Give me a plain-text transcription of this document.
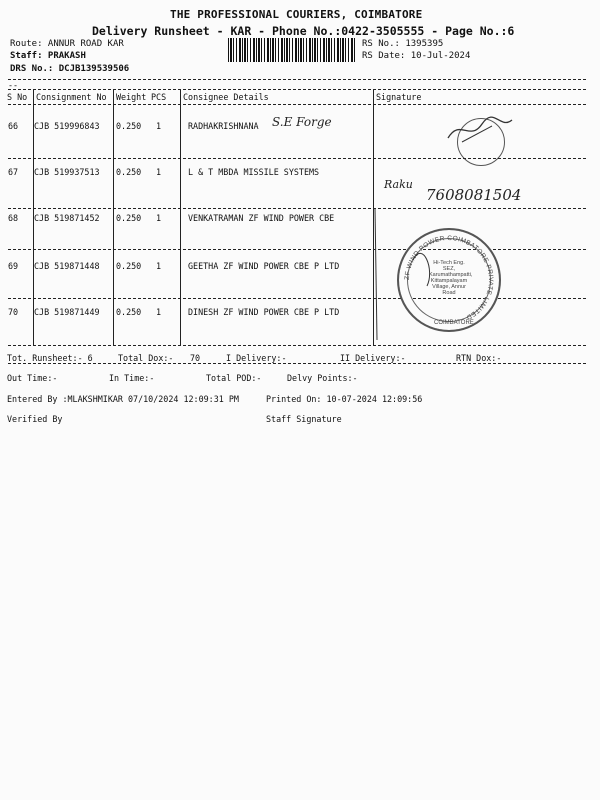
THE PROFESSIONAL COURIERS, COIMBATORE
Delivery Runsheet - KAR - Phone No.:0422-3505555 - Page No.:6
Route: ANNUR ROAD KAR
Staff: PRAKASH
DRS No.: DCJB139539506
RS No.: 1395395
RS Date: 10-Jul-2024
--
S No Consignment No Weight PCS Consignee Details	Signature
66 CJB 519996843 0.250 1	RADHAKRISHNANA S.E Forge
67 CJB 519937513 0.250 1	L & T MBDA MISSILE SYSTEMS
Raku
7608081504
68 CJB 519871452 0.250 1	VENKATRAMAN ZF WIND POWER CBE
69 CJB 519871448 0.250 1	GEETHA ZF WIND POWER CBE P LTD
70 CJB 519871449 0.250 1	DINESH ZF WIND POWER CBE P LTD
Hi-Tech Eng. SEZ, Karumathampatti, Kittampalayam Village, Annur Road
ZF WIND POWER COIMBATORE PRIVATE LIMITED
COIMBATORE
Tot. Runsheet:- 6	Total Dox:- 70	I Delivery:-	II Delivery:-	RTN Dox:-
Out Time:-	In Time:-	Total POD:-	Delvy Points:-
Entered By :MLAKSHMIKAR 07/10/2024 12:09:31 PM	Printed On: 10-07-2024 12:09:56
Verified By	Staff Signature
